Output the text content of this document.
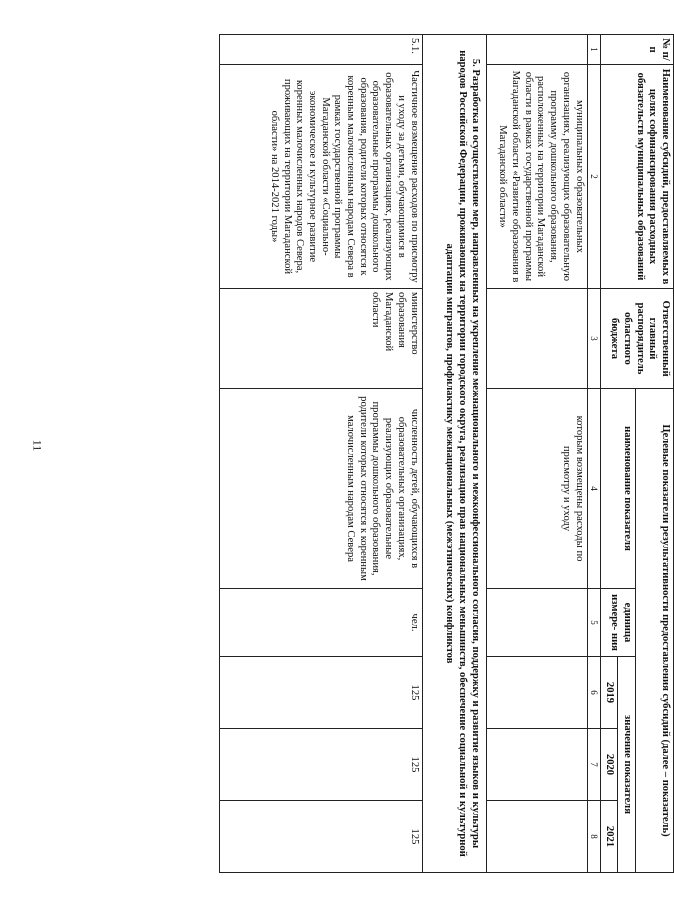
11
№ п/п	Наименование субсидий, предоставляемых в целях софинансирования расходных обязательств муниципальных образований	Ответственный главный распорядитель областного бюджета	Целевые показатели результативности предоставления субсидий (далее – показатель)				
			наименование показателя	единица измере- ния	значение показателя		
					2019	2020	2021
1	2	3	4	5	6	7	8
	муниципальных образовательных организациях, реализующих образовательную программу дошкольного образования, расположенных на территории Магаданской области в рамках государственной программы Магаданской области «Развитие образования в Магаданской области»		которым возмещены расходы по присмотру и уходу				
5. Разработка и осуществление мер, направленных на укрепление межнационального и межконфессионального согласия, поддержку и развитие языков и культуры народов Российской Федерации, проживающих на территории городского округа, реализацию прав национальных меньшинств, обеспечение социальной и культурной адаптации мигрантов, профилактику межнациональных (межэтнических) конфликтов							
5.1.	Частичное возмещение расходов по присмотру и уходу за детьми, обучающимися в образовательных организациях, реализующих образовательные программы дошкольного образования, родители которых относятся к коренным малочисленным народам Севера в рамках государственной программы Магаданской области «Социально-экономическое и культурное развитие коренных малочисленных народов Севера, проживающих на территории Магаданской области» на 2014-2021 годы»	министерство образования Магаданской области	численность детей, обучающихся в образовательных организациях, реализующих образовательные программы дошкольного образования, родители которых относятся к коренным малочисленным народам Севера	чел.	125	125	125
